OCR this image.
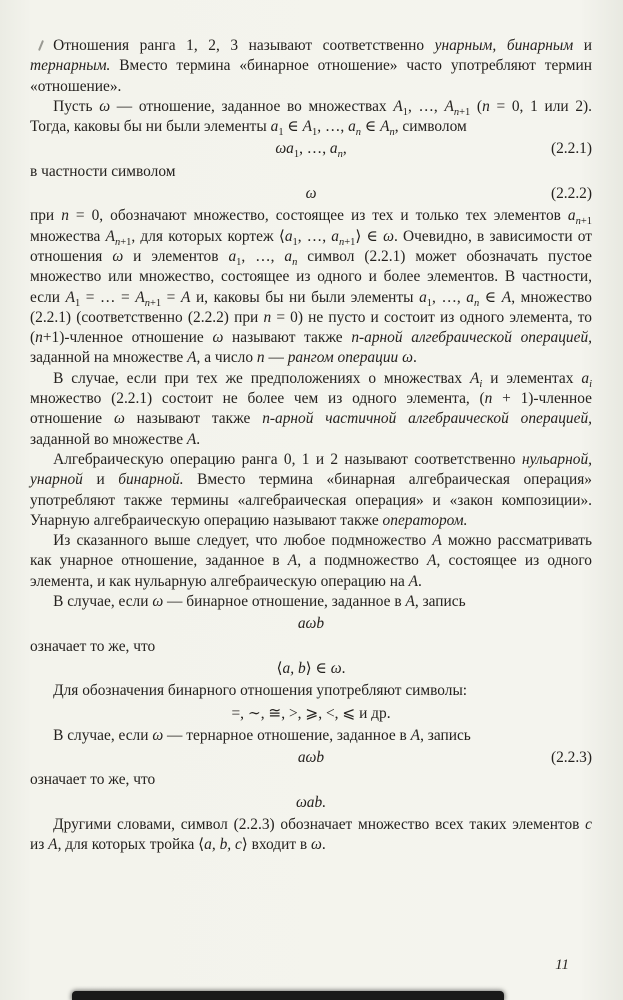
Отношения ранга 1, 2, 3 называют соответственно унарным, бинарным и тернарным. Вместо термина «бинарное отношение» часто употребляют термин «отношение».

Пусть ω — отношение, заданное во множествах $A_1$, …, $A_{n+1}$ (n = 0, 1 или 2). Тогда, каковы бы ни были элементы $a_1$ ∈ $A_1$, …, $a_n$ ∈ $A_n$, символом

$\omega a_1$, …, $a_n$,	(2.2.1)

в частности символом

ω	(2.2.2)

при n = 0, обозначают множество, состоящее из тех и только тех элементов $a_{n+1}$ множества $A_{n+1}$, для которых кортеж $⟨a_1$, …, $a_{n+1}⟩$ ∈ ω. Очевидно, в зависимости от отношения ω и элементов $a_1$, …, $a_n$ символ (2.2.1) может обозначать пустое множество или множество, состоящее из одного и более элементов. В частности, если $A_1$ = … = $A_{n+1} = A$ и, каковы бы ни были элементы $a_1$, …, $a_n$ ∈ A, множество (2.2.1) (соответственно (2.2.2) при n = 0) не пусто и состоит из одного элемента, то (n+1)-членное отношение ω называют также n-арной алгебраической операцией, заданной на множестве A, а число n — рангом операции ω.

В случае, если при тех же предположениях о множествах $A_i$ и элементах $a_i$ множество (2.2.1) состоит не более чем из одного элемента, (n + 1)-членное отношение ω называют также n-арной частичной алгебраической операцией, заданной во множестве A.

Алгебраическую операцию ранга 0, 1 и 2 называют соответственно нульарной, унарной и бинарной. Вместо термина «бинарная алгебраическая операция» употребляют также термины «алгебраическая операция» и «закон композиции». Унарную алгебраическую операцию называют также оператором.

Из сказанного выше следует, что любое подмножество A можно рассматривать как унарное отношение, заданное в A, а подмножество A, состоящее из одного элемента, и как нульарную алгебраическую операцию на A.

В случае, если ω — бинарное отношение, заданное в A, запись

aωb

означает то же, что

⟨a, b⟩ ∈ ω.

Для обозначения бинарного отношения употребляют символы:

=, ∼, ≅, >, ⩾, <, ⩽ и др.

В случае, если ω — тернарное отношение, заданное в A, запись

aωb	(2.2.3)

означает то же, что

ωab.

Другими словами, символ (2.2.3) обозначает множество всех таких элементов c из A, для которых тройка ⟨a, b, c⟩ входит в ω.

11
